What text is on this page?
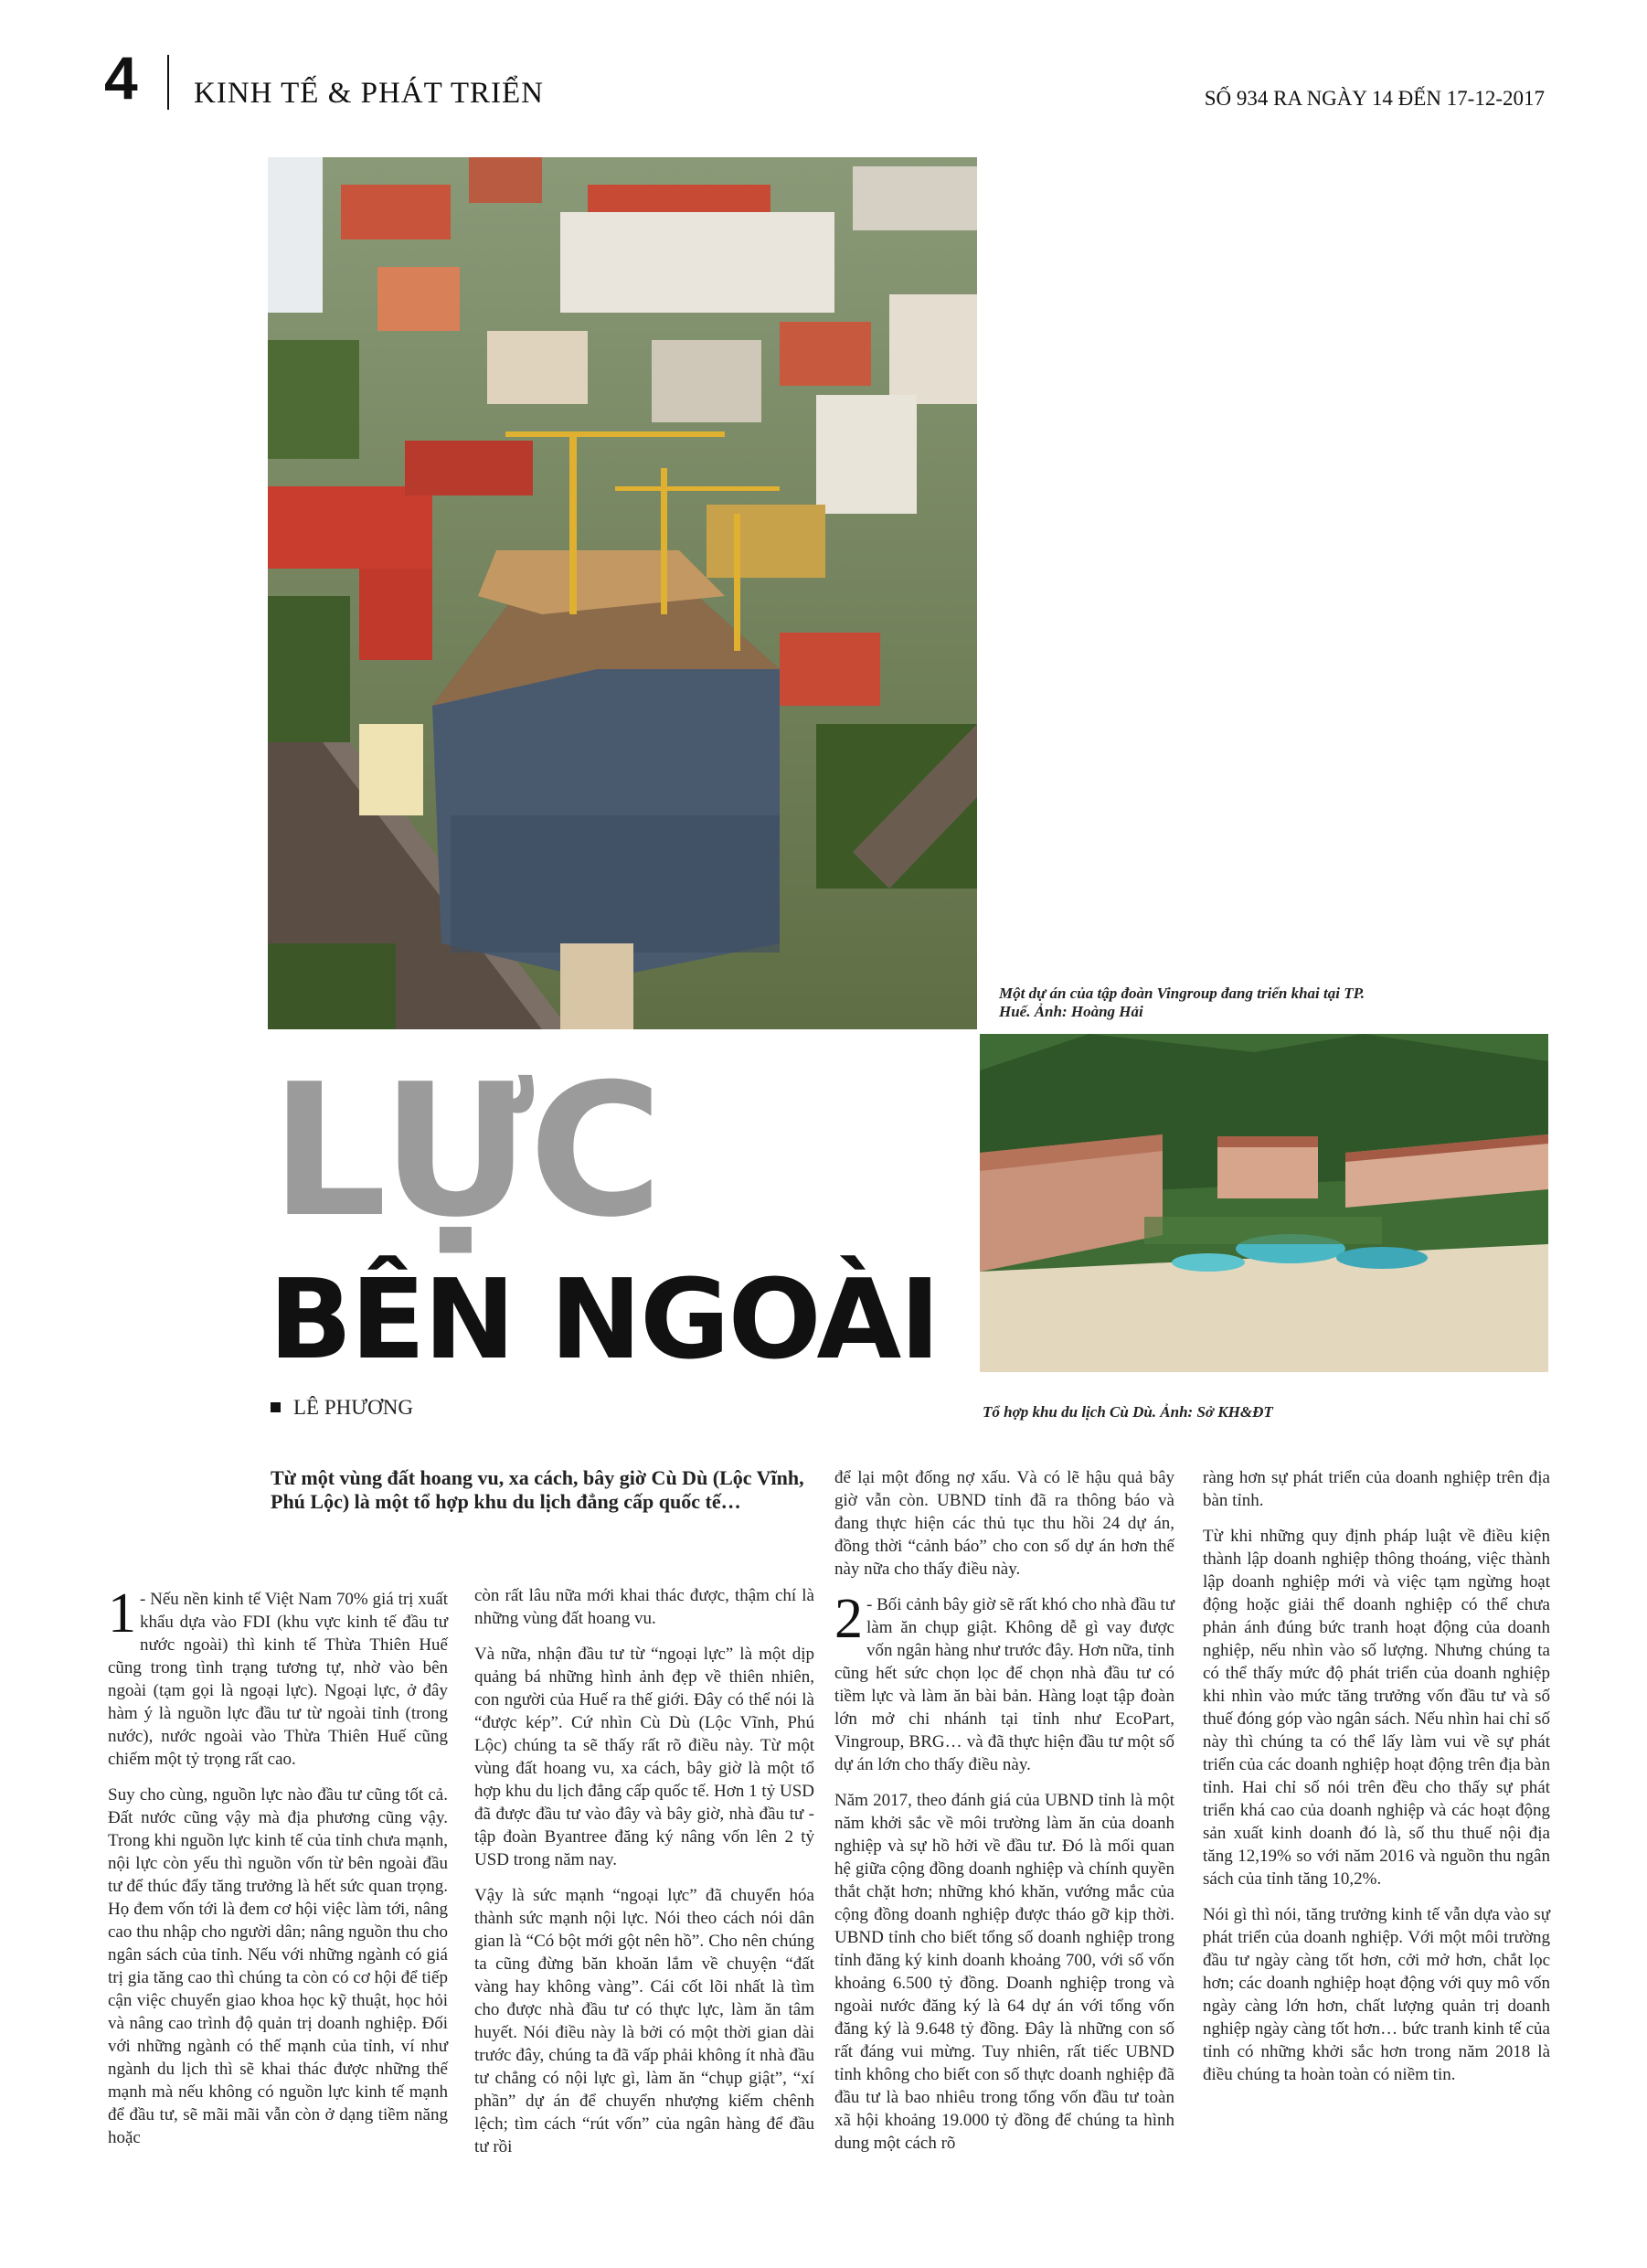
4 KINH TẾ & PHÁT TRIỂN	SỐ 934 RA NGÀY 14 ĐẾN 17-12-2017
Một dự án của tập đoàn Vingroup đang triển khai tại TP. Huế. Ảnh: Hoàng Hải
Tổ hợp khu du lịch Cù Dù. Ảnh: Sở KH&ĐT
LỰC
BÊN NGOÀI
LÊ PHƯƠNG
Từ một vùng đất hoang vu, xa cách, bây giờ Cù Dù (Lộc Vĩnh, Phú Lộc) là một tổ hợp khu du lịch đẳng cấp quốc tế…

1 - Nếu nền kinh tế Việt Nam 70% giá trị xuất khẩu dựa vào FDI (khu vực kinh tế đầu tư nước ngoài) thì kinh tế Thừa Thiên Huế cũng trong tình trạng tương tự, nhờ vào bên ngoài (tạm gọi là ngoại lực). Ngoại lực, ở đây hàm ý là nguồn lực đầu tư từ ngoài tỉnh (trong nước), nước ngoài vào Thừa Thiên Huế cũng chiếm một tỷ trọng rất cao.

Suy cho cùng, nguồn lực nào đầu tư cũng tốt cả. Đất nước cũng vậy mà địa phương cũng vậy. Trong khi nguồn lực kinh tế của tỉnh chưa mạnh, nội lực còn yếu thì nguồn vốn từ bên ngoài đầu tư để thúc đẩy tăng trưởng là hết sức quan trọng. Họ đem vốn tới là đem cơ hội việc làm tới, nâng cao thu nhập cho người dân; nâng nguồn thu cho ngân sách của tỉnh. Nếu với những ngành có giá trị gia tăng cao thì chúng ta còn có cơ hội để tiếp cận việc chuyển giao khoa học kỹ thuật, học hỏi và nâng cao trình độ quản trị doanh nghiệp. Đối với những ngành có thế mạnh của tỉnh, ví như ngành du lịch thì sẽ khai thác được những thế mạnh mà nếu không có nguồn lực kinh tế mạnh để đầu tư, sẽ mãi mãi vẫn còn ở dạng tiềm năng hoặc

còn rất lâu nữa mới khai thác được, thậm chí là những vùng đất hoang vu.

Và nữa, nhận đầu tư từ “ngoại lực” là một dịp quảng bá những hình ảnh đẹp về thiên nhiên, con người của Huế ra thế giới. Đây có thể nói là “được kép”. Cứ nhìn Cù Dù (Lộc Vĩnh, Phú Lộc) chúng ta sẽ thấy rất rõ điều này. Từ một vùng đất hoang vu, xa cách, bây giờ là một tổ hợp khu du lịch đẳng cấp quốc tế. Hơn 1 tỷ USD đã được đầu tư vào đây và bây giờ, nhà đầu tư - tập đoàn Byantree đăng ký nâng vốn lên 2 tỷ USD trong năm nay.

Vậy là sức mạnh “ngoại lực” đã chuyển hóa thành sức mạnh nội lực. Nói theo cách nói dân gian là “Có bột mới gột nên hồ”. Cho nên chúng ta cũng đừng băn khoăn lắm về chuyện “đất vàng hay không vàng”. Cái cốt lõi nhất là tìm cho được nhà đầu tư có thực lực, làm ăn tâm huyết. Nói điều này là bởi có một thời gian dài trước đây, chúng ta đã vấp phải không ít nhà đầu tư chẳng có nội lực gì, làm ăn “chụp giật”, “xí phần” dự án để chuyển nhượng kiếm chênh lệch; tìm cách “rút vốn” của ngân hàng để đầu tư rồi

để lại một đống nợ xấu. Và có lẽ hậu quả bây giờ vẫn còn. UBND tỉnh đã ra thông báo và đang thực hiện các thủ tục thu hồi 24 dự án, đồng thời “cảnh báo” cho con số dự án hơn thế này nữa cho thấy điều này.

2 - Bối cảnh bây giờ sẽ rất khó cho nhà đầu tư làm ăn chụp giật. Không dễ gì vay được vốn ngân hàng như trước đây. Hơn nữa, tỉnh cũng hết sức chọn lọc để chọn nhà đầu tư có tiềm lực và làm ăn bài bản. Hàng loạt tập đoàn lớn mở chi nhánh tại tỉnh như EcoPart, Vingroup, BRG… và đã thực hiện đầu tư một số dự án lớn cho thấy điều này.

Năm 2017, theo đánh giá của UBND tỉnh là một năm khởi sắc về môi trường làm ăn của doanh nghiệp và sự hồ hởi về đầu tư. Đó là mối quan hệ giữa cộng đồng doanh nghiệp và chính quyền thắt chặt hơn; những khó khăn, vướng mắc của cộng đồng doanh nghiệp được tháo gỡ kịp thời. UBND tỉnh cho biết tổng số doanh nghiệp trong tỉnh đăng ký kinh doanh khoảng 700, với số vốn khoảng 6.500 tỷ đồng. Doanh nghiệp trong và ngoài nước đăng ký là 64 dự án với tổng vốn đăng ký là 9.648 tỷ đồng. Đây là những con số rất đáng vui mừng. Tuy nhiên, rất tiếc UBND tỉnh không cho biết con số thực doanh nghiệp đã đầu tư là bao nhiêu trong tổng vốn đầu tư toàn xã hội khoảng 19.000 tỷ đồng để chúng ta hình dung một cách rõ

ràng hơn sự phát triển của doanh nghiệp trên địa bàn tỉnh.

Từ khi những quy định pháp luật về điều kiện thành lập doanh nghiệp thông thoáng, việc thành lập doanh nghiệp mới và việc tạm ngừng hoạt động hoặc giải thể doanh nghiệp có thể chưa phản ánh đúng bức tranh hoạt động của doanh nghiệp, nếu nhìn vào số lượng. Nhưng chúng ta có thể thấy mức độ phát triển của doanh nghiệp khi nhìn vào mức tăng trưởng vốn đầu tư và số thuế đóng góp vào ngân sách. Nếu nhìn hai chỉ số này thì chúng ta có thể lấy làm vui về sự phát triển của các doanh nghiệp hoạt động trên địa bàn tỉnh. Hai chỉ số nói trên đều cho thấy sự phát triển khá cao của doanh nghiệp và các hoạt động sản xuất kinh doanh đó là, số thu thuế nội địa tăng 12,19% so với năm 2016 và nguồn thu ngân sách của tỉnh tăng 10,2%.

Nói gì thì nói, tăng trưởng kinh tế vẫn dựa vào sự phát triển của doanh nghiệp. Với một môi trường đầu tư ngày càng tốt hơn, cởi mở hơn, chắt lọc hơn; các doanh nghiệp hoạt động với quy mô vốn ngày càng lớn hơn, chất lượng quản trị doanh nghiệp ngày càng tốt hơn… bức tranh kinh tế của tỉnh có những khởi sắc hơn trong năm 2018 là điều chúng ta hoàn toàn có niềm tin.
